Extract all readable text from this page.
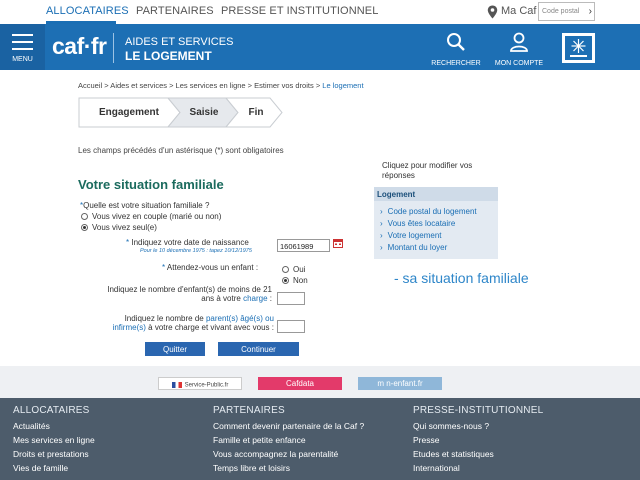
ALLOCATAIRES PARTENAIRES PRESSE ET INSTITUTIONNEL	Ma Caf Code postal ›
MENU
caf·fr AIDES ET SERVICES
LE LOGEMENT
RECHERCHER MON COMPTE
Accueil > Aides et services > Les services en ligne > Estimer vos droits > Le logement
Engagement	Saisie	Fin
Les champs précédés d'un astérisque (*) sont obligatoires
Votre situation familiale
*Quelle est votre situation familiale ?
Vous vivez en couple (marié ou non)
Vous vivez seul(e)
* Indiquez votre date de naissance
Pour le 10 décembre 1975 : tapez 10/12/1975	16061989
* Attendez-vous un enfant :	Oui
Non
Indiquez le nombre d'enfant(s) de moins de 21
ans à votre charge :
Indiquez le nombre de parent(s) âgé(s) ou
infirme(s) à votre charge et vivant avec vous :
Quitter	Continuer
Cliquez pour modifier vos réponses
Logement
› Code postal du logement
› Vous êtes locataire
› Votre logement
› Montant du loyer
- sa situation familiale
Service-Public.fr	Cafdata	m n-enfant.fr
ALLOCATAIRES
Actualités
Mes services en ligne
Droits et prestations
Vies de famille
PARTENAIRES
Comment devenir partenaire de la Caf ?
Famille et petite enfance
Vous accompagnez la parentalité
Temps libre et loisirs
PRESSE-INSTITUTIONNEL
Qui sommes-nous ?
Presse
Etudes et statistiques
International
